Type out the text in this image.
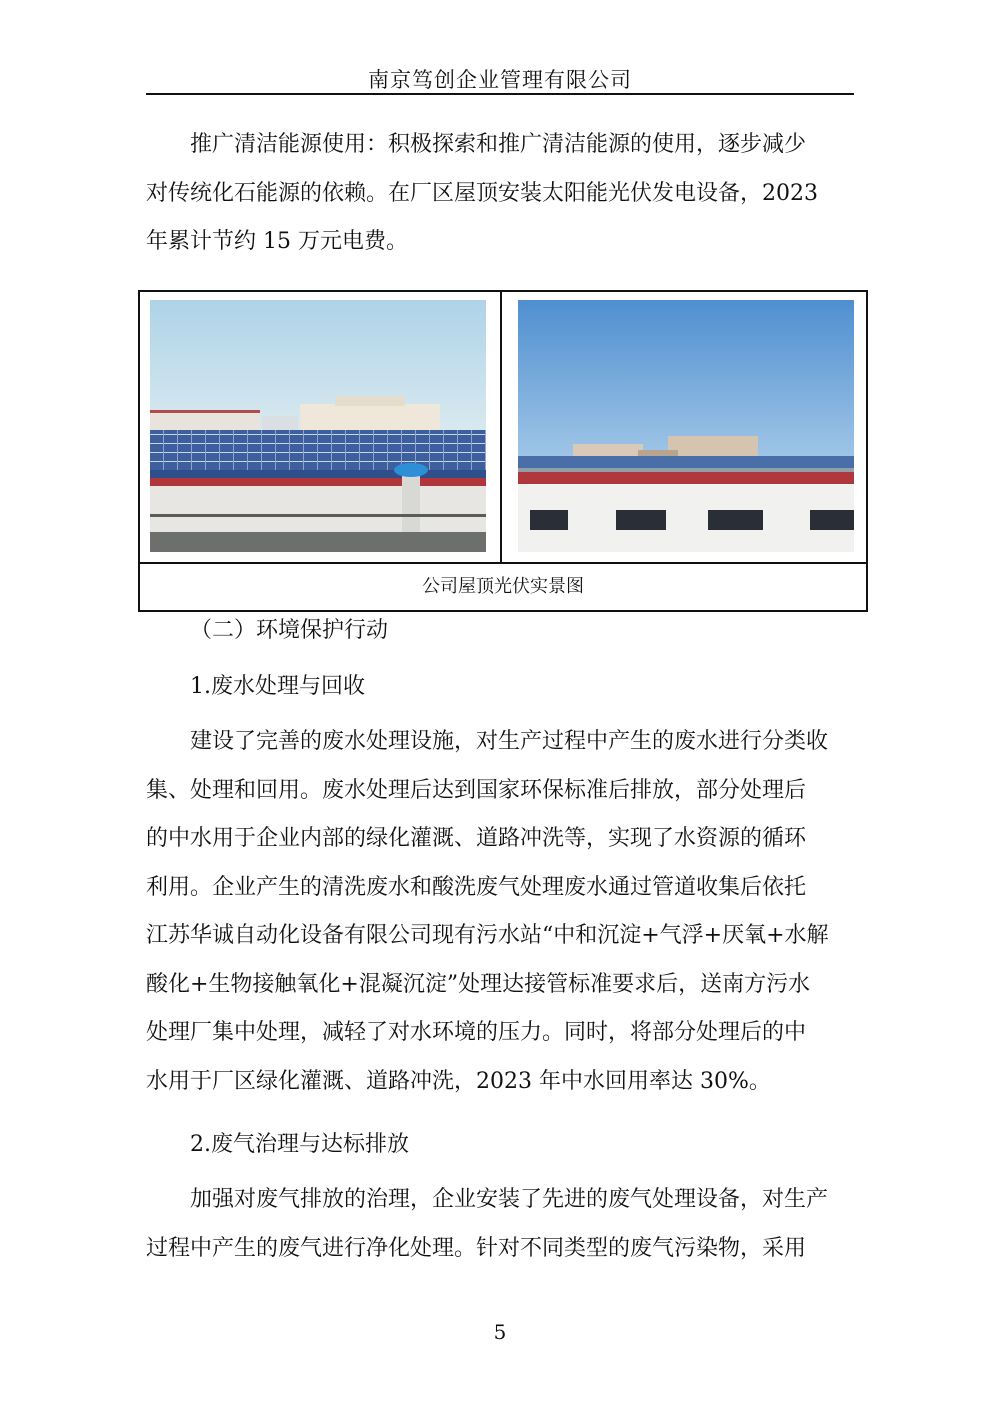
南京笃创企业管理有限公司
推广清洁能源使用：积极探索和推广清洁能源的使用，逐步减少
对传统化石能源的依赖。在厂区屋顶安装太阳能光伏发电设备，2023
年累计节约 15 万元电费。
公司屋顶光伏实景图
（二）环境保护行动
1.废水处理与回收
建设了完善的废水处理设施，对生产过程中产生的废水进行分类收
集、处理和回用。废水处理后达到国家环保标准后排放，部分处理后
的中水用于企业内部的绿化灌溉、道路冲洗等，实现了水资源的循环
利用。企业产生的清洗废水和酸洗废气处理废水通过管道收集后依托
江苏华诚自动化设备有限公司现有污水站“中和沉淀+气浮+厌氧+水解
酸化+生物接触氧化+混凝沉淀”处理达接管标准要求后，送南方污水
处理厂集中处理，减轻了对水环境的压力。同时，将部分处理后的中
水用于厂区绿化灌溉、道路冲洗，2023 年中水回用率达 30%。
2.废气治理与达标排放
加强对废气排放的治理，企业安装了先进的废气处理设备，对生产
过程中产生的废气进行净化处理。针对不同类型的废气污染物，采用
5
